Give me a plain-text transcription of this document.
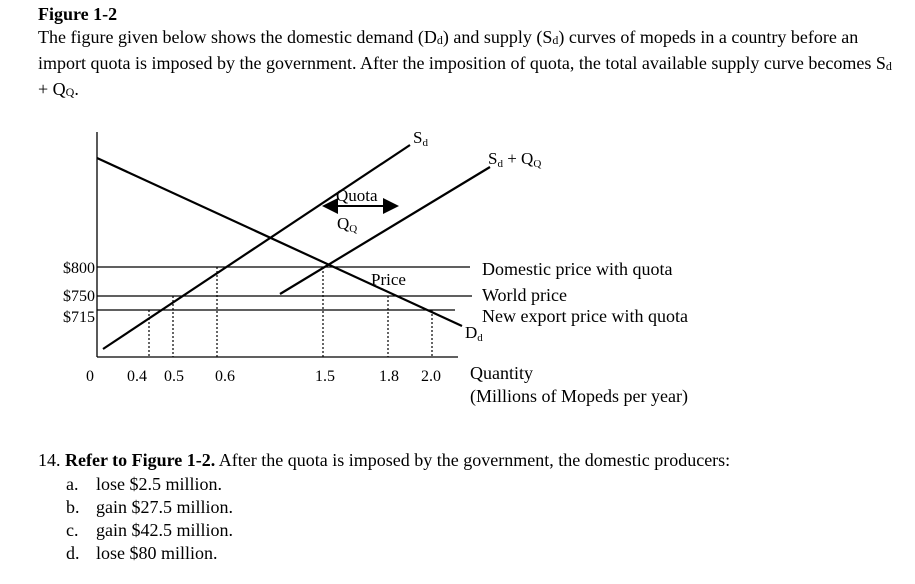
Figure 1-2
The figure given below shows the domestic demand (Dd) and supply (Sd) curves of mopeds in a country before an import quota is imposed by the government. After the imposition of quota, the total available supply curve becomes Sd + QQ.
$800
$750
$715
0 0.4 0.5 0.6	1.5	1.8 2.0 Quantity
(Millions of Mopeds per year)
Sd
Sd + QQ
Dd
Quota
QQ
Price
Domestic price with quota
World price
New export price with quota
14. Refer to Figure 1-2. After the quota is imposed by the government, the domestic producers:
a. lose $2.5 million.
b. gain $27.5 million.
c. gain $42.5 million.
d. lose $80 million.
